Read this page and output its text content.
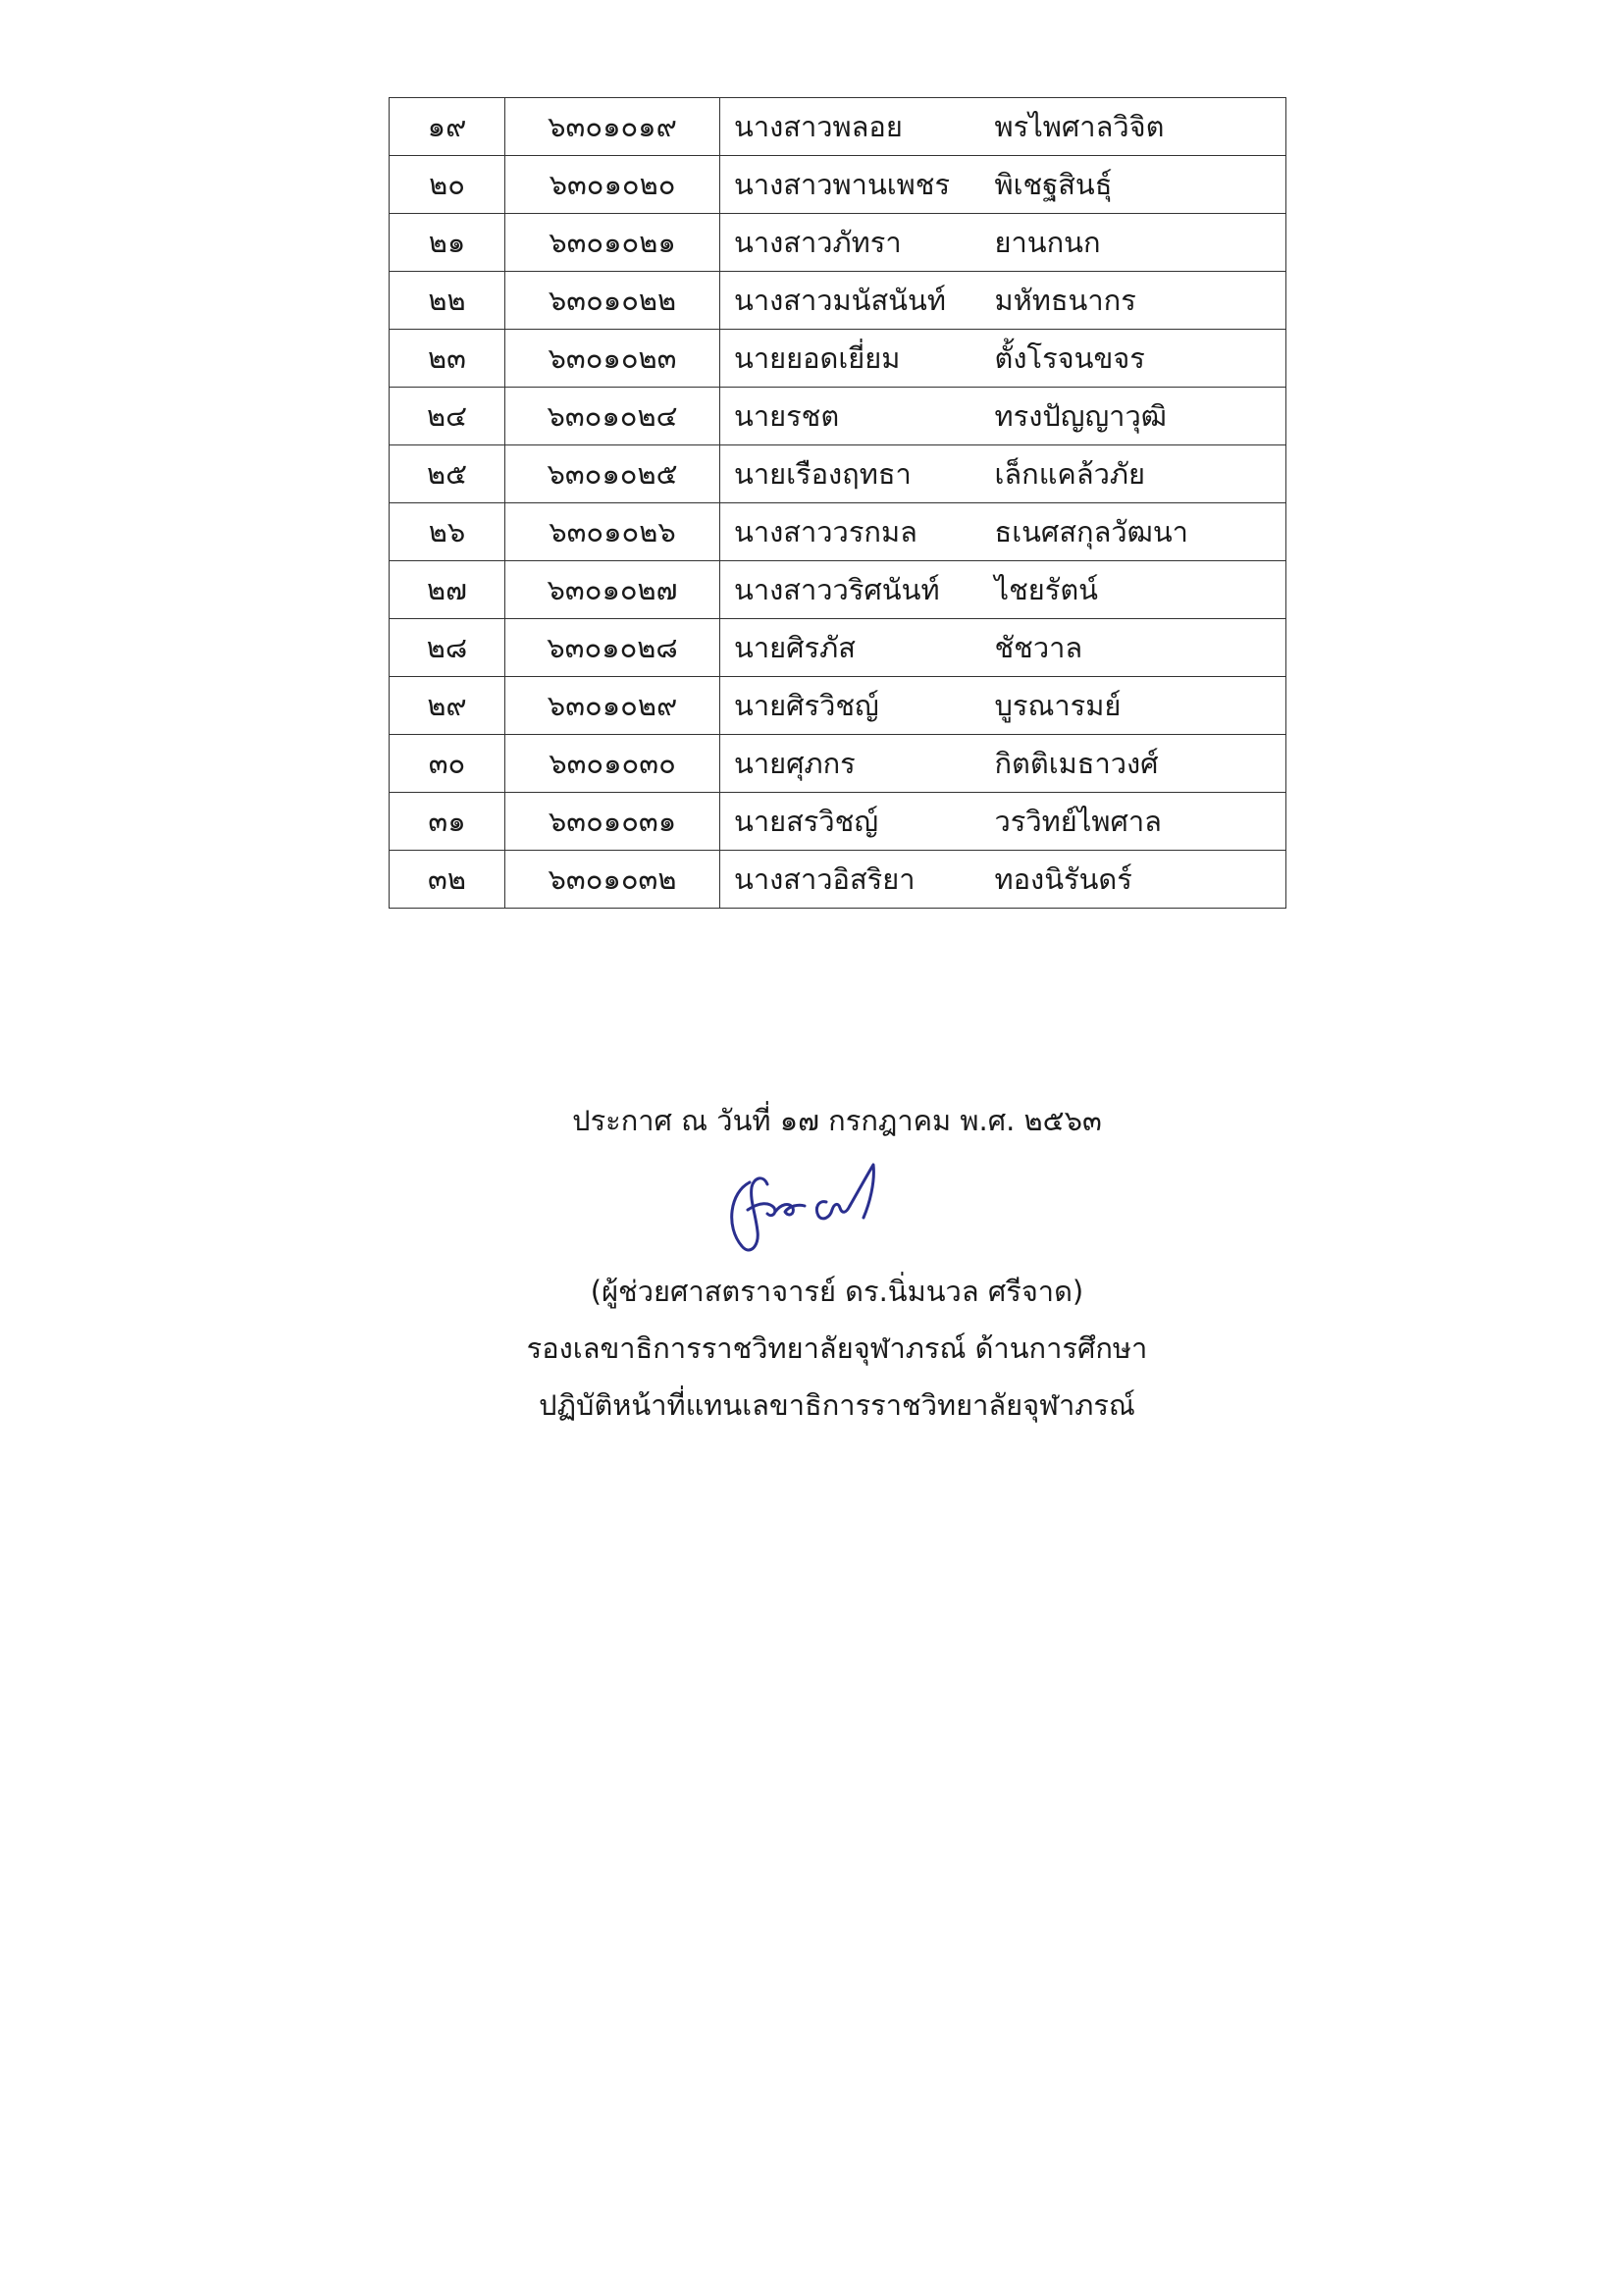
๑๙	๖๓๐๑๐๑๙	นางสาวพลอย	พรไพศาลวิจิต
๒๐	๖๓๐๑๐๒๐	นางสาวพานเพชร	พิเชฐสินธุ์
๒๑	๖๓๐๑๐๒๑	นางสาวภัทรา	ยานกนก
๒๒	๖๓๐๑๐๒๒	นางสาวมนัสนันท์	มหัทธนากร
๒๓	๖๓๐๑๐๒๓	นายยอดเยี่ยม	ตั้งโรจนขจร
๒๔	๖๓๐๑๐๒๔	นายรชต	ทรงปัญญาวุฒิ
๒๕	๖๓๐๑๐๒๕	นายเรืองฤทธา	เล็กแคล้วภัย
๒๖	๖๓๐๑๐๒๖	นางสาววรกมล	ธเนศสกุลวัฒนา
๒๗	๖๓๐๑๐๒๗	นางสาววริศนันท์	ไชยรัตน์
๒๘	๖๓๐๑๐๒๘	นายศิรภัส	ชัชวาล
๒๙	๖๓๐๑๐๒๙	นายศิรวิชญ์	บูรณารมย์
๓๐	๖๓๐๑๐๓๐	นายศุภกร	กิตติเมธาวงศ์
๓๑	๖๓๐๑๐๓๑	นายสรวิชญ์	วรวิทย์ไพศาล
๓๒	๖๓๐๑๐๓๒	นางสาวอิสริยา	ทองนิรันดร์
ประกาศ ณ วันที่ ๑๗ กรกฎาคม พ.ศ. ๒๕๖๓
(ผู้ช่วยศาสตราจารย์ ดร.นิ่มนวล ศรีจาด)
รองเลขาธิการราชวิทยาลัยจุฬาภรณ์ ด้านการศึกษา
ปฏิบัติหน้าที่แทนเลขาธิการราชวิทยาลัยจุฬาภรณ์
